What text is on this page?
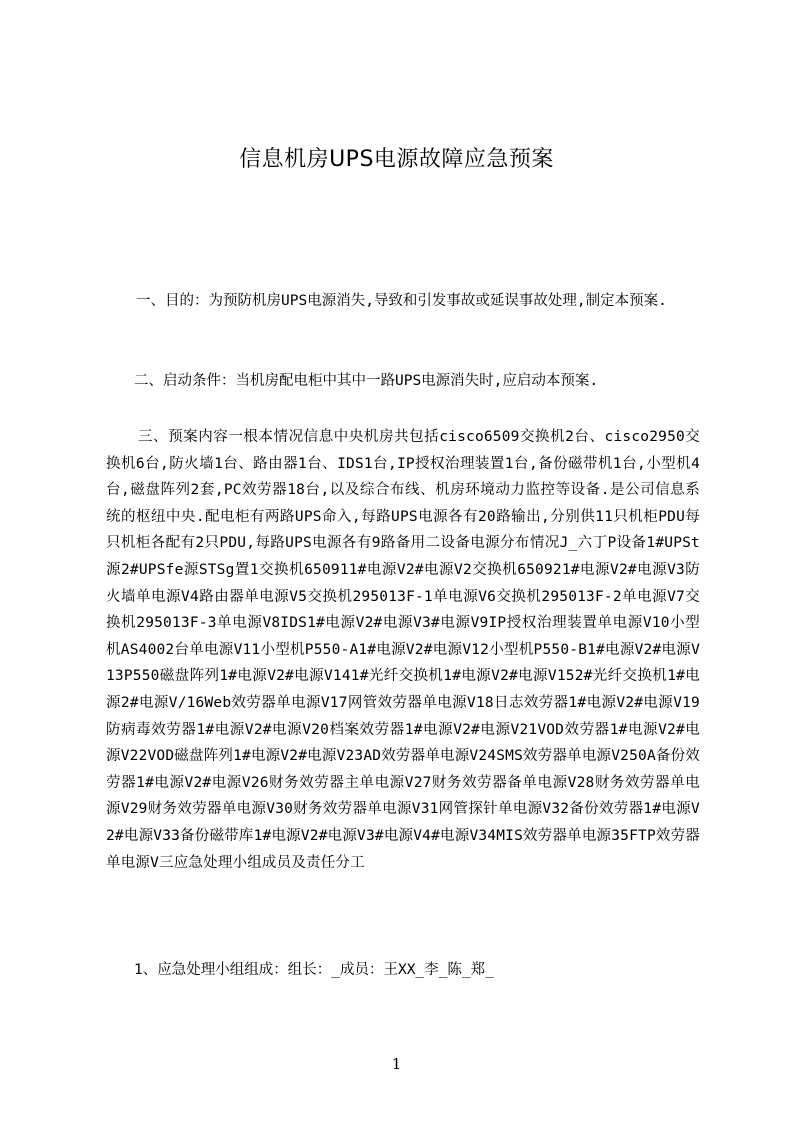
信息机房UPS电源故障应急预案
一、目的：为预防机房UPS电源消失,导致和引发事故或延误事故处理,制定本预案.
二、启动条件：当机房配电柜中其中一路UPS电源消失时,应启动本预案.
三、预案内容一根本情况信息中央机房共包括cisco6509交换机2台、cisco2950交换机6台,防火墙1台、路由器1台、IDS1台,IP授权治理装置1台,备份磁带机1台,小型机4台,磁盘阵列2套,PC效劳器18台,以及综合布线、机房环境动力监控等设备.是公司信息系统的枢纽中央.配电柜有两路UPS命入,每路UPS电源各有20路输出,分别供11只机柜PDU每只机柜各配有2只PDU,每路UPS电源各有9路备用二设备电源分布情况J_六丁P设备1#UPSt源2#UPSfe源STSg置1交换机650911#电源V2#电源V2交换机650921#电源V2#电源V3防火墙单电源V4路由器单电源V5交换机295013F-1单电源V6交换机295013F-2单电源V7交换机295013F-3单电源V8IDS1#电源V2#电源V3#电源V9IP授权治理装置单电源V10小型机AS4002台单电源V11小型机P550-A1#电源V2#电源V12小型机P550-B1#电源V2#电源V13P550磁盘阵列1#电源V2#电源V141#光纤交换机1#电源V2#电源V152#光纤交换机1#电源2#电源V/16Web效劳器单电源V17网管效劳器单电源V18日志效劳器1#电源V2#电源V19防病毒效劳器1#电源V2#电源V20档案效劳器1#电源V2#电源V21VOD效劳器1#电源V2#电源V22VOD磁盘阵列1#电源V2#电源V23AD效劳器单电源V24SMS效劳器单电源V250A备份效劳器1#电源V2#电源V26财务效劳器主单电源V27财务效劳器备单电源V28财务效劳器单电源V29财务效劳器单电源V30财务效劳器单电源V31网管探针单电源V32备份效劳器1#电源V2#电源V33备份磁带库1#电源V2#电源V3#电源V4#电源V34MIS效劳器单电源35FTP效劳器单电源V三应急处理小组成员及责任分工
1、应急处理小组组成：组长：_成员：王XX_李_陈_郑_
1
